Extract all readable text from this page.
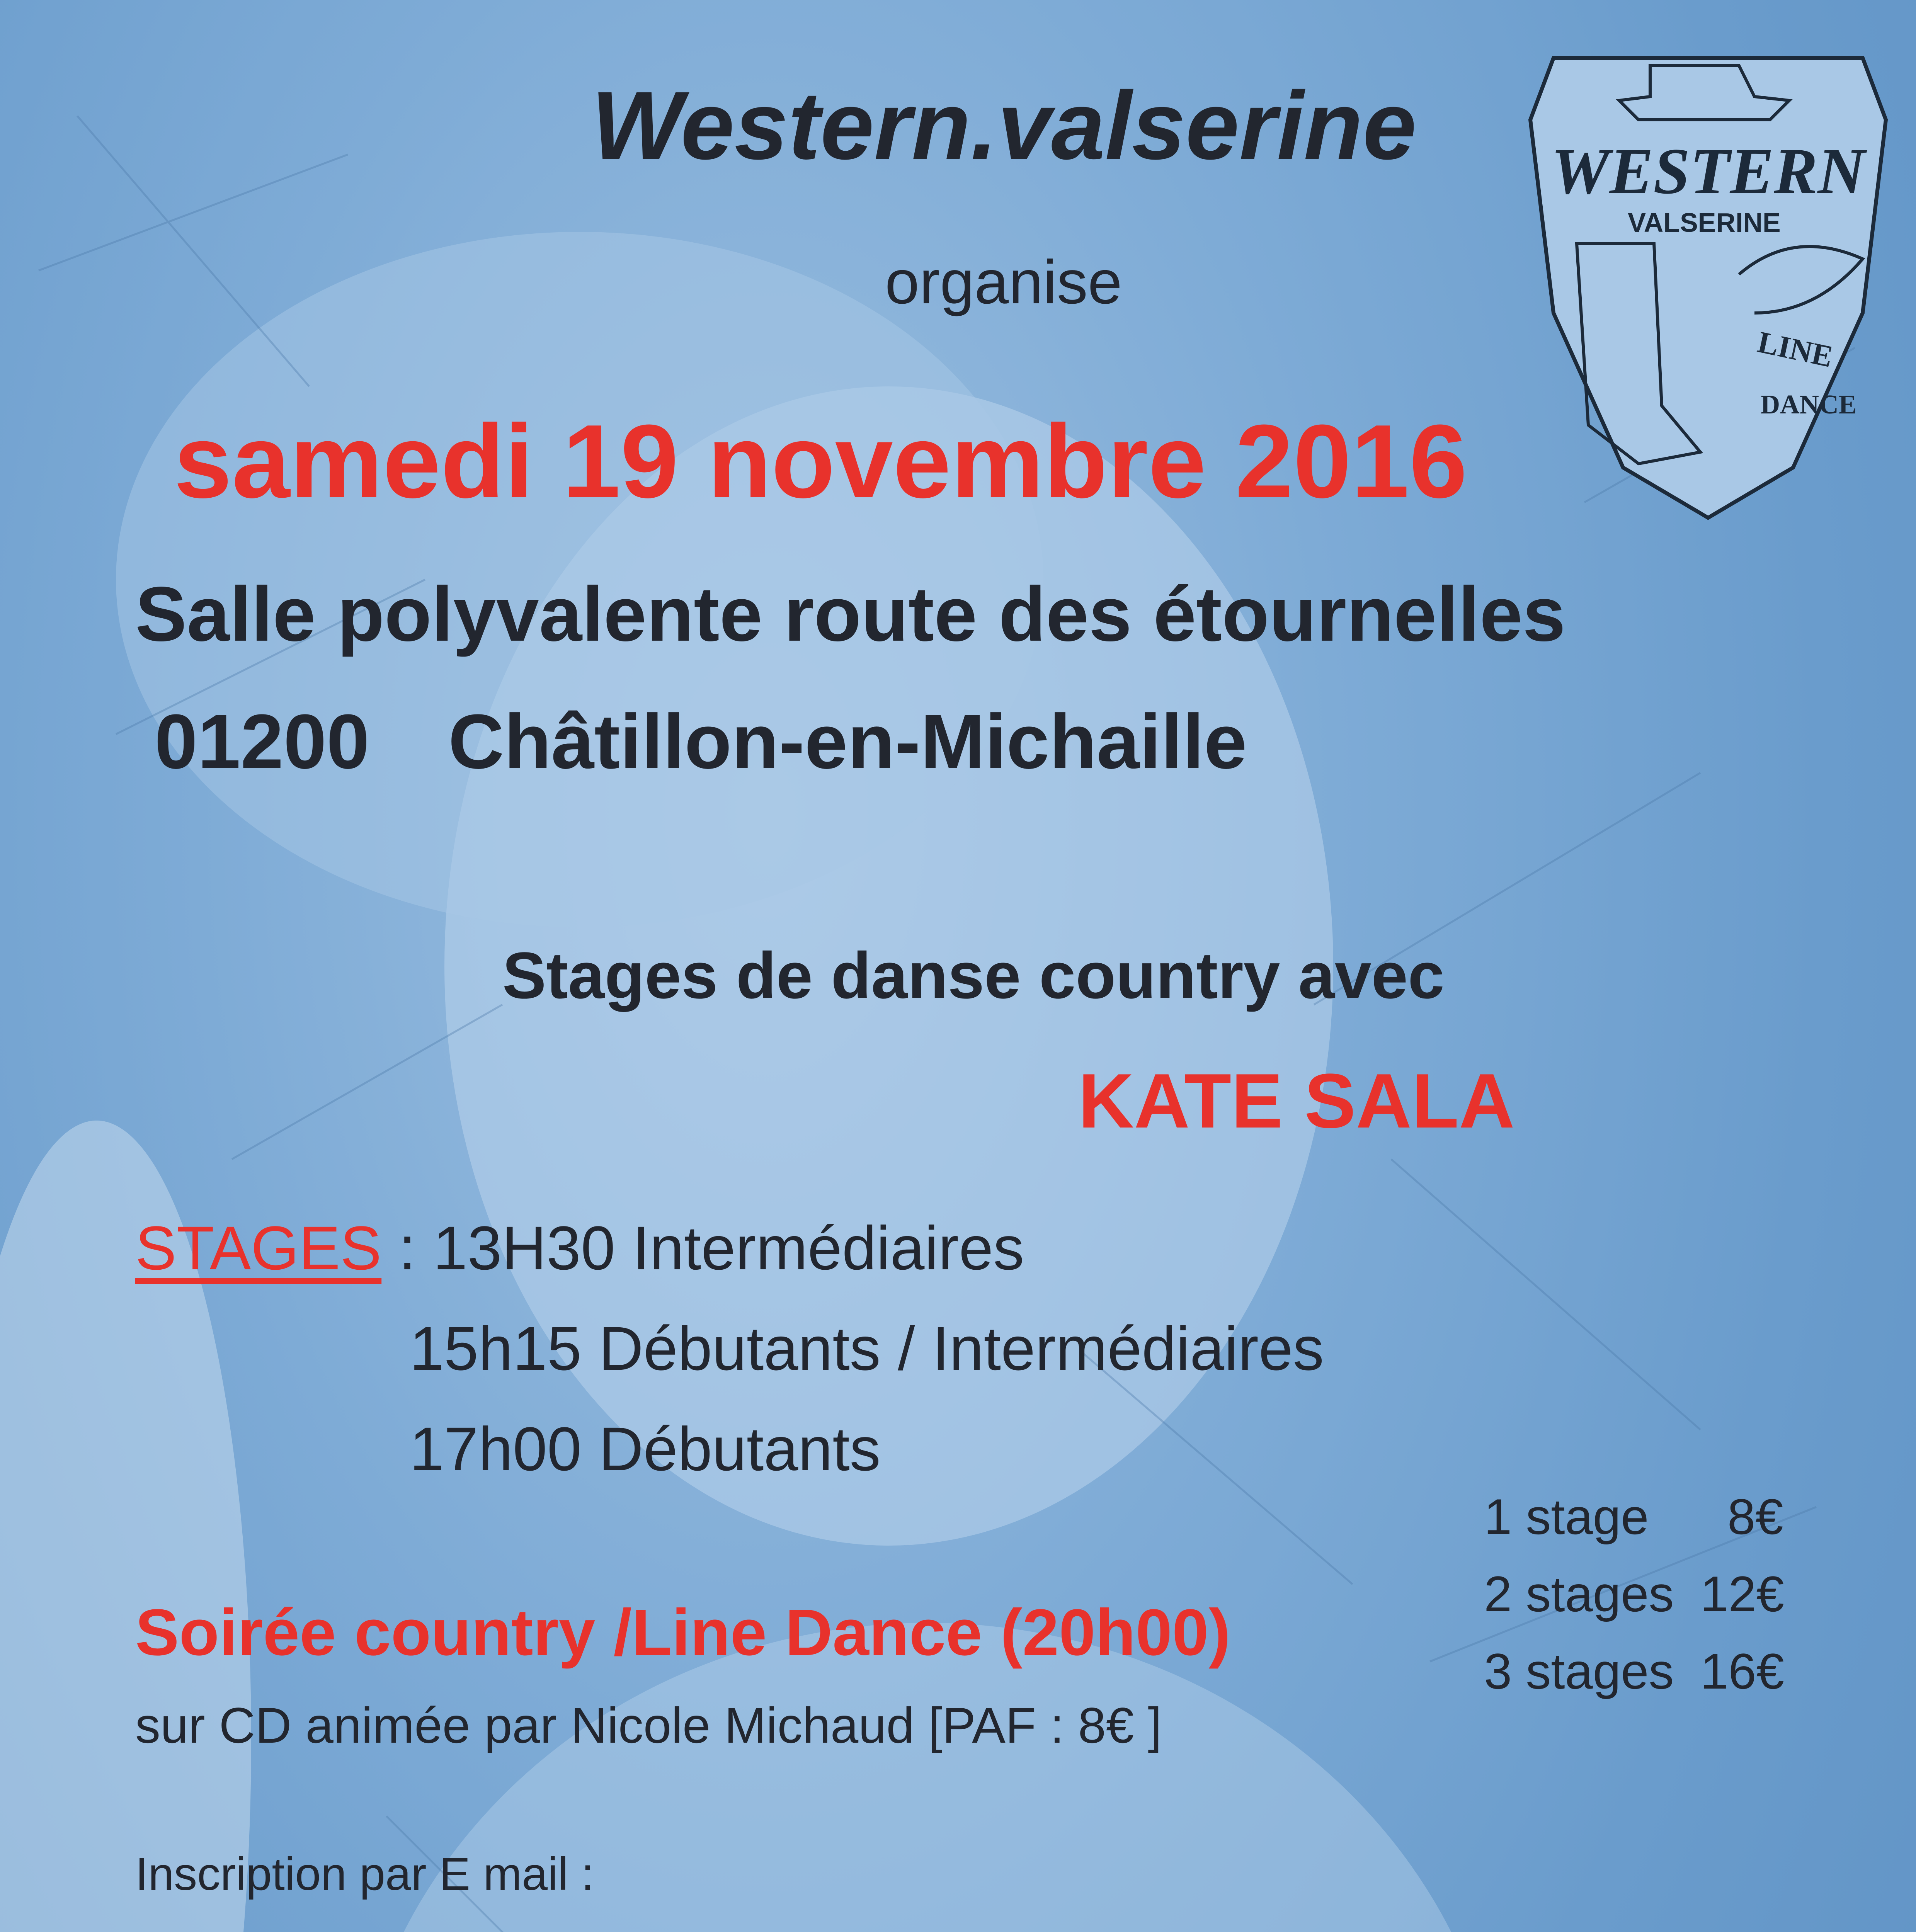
Western.valserine
organise
samedi 19 novembre 2016
Salle polyvalente route des étournelles
01200 Châtillon-en-Michaille
WESTERN
VALSERINE
LINE
DANCE
Stages de danse country avec
KATE SALA
STAGES : 13H30 Intermédiaires
15h15 Débutants / Intermédiaires
17h00 Débutants
1 stage 8€
2 stages 12€
3 stages 16€
Soirée country /Line Dance (20h00)
sur CD animée par Nicole Michaud [PAF : 8€ ]
Inscription par E mail :
